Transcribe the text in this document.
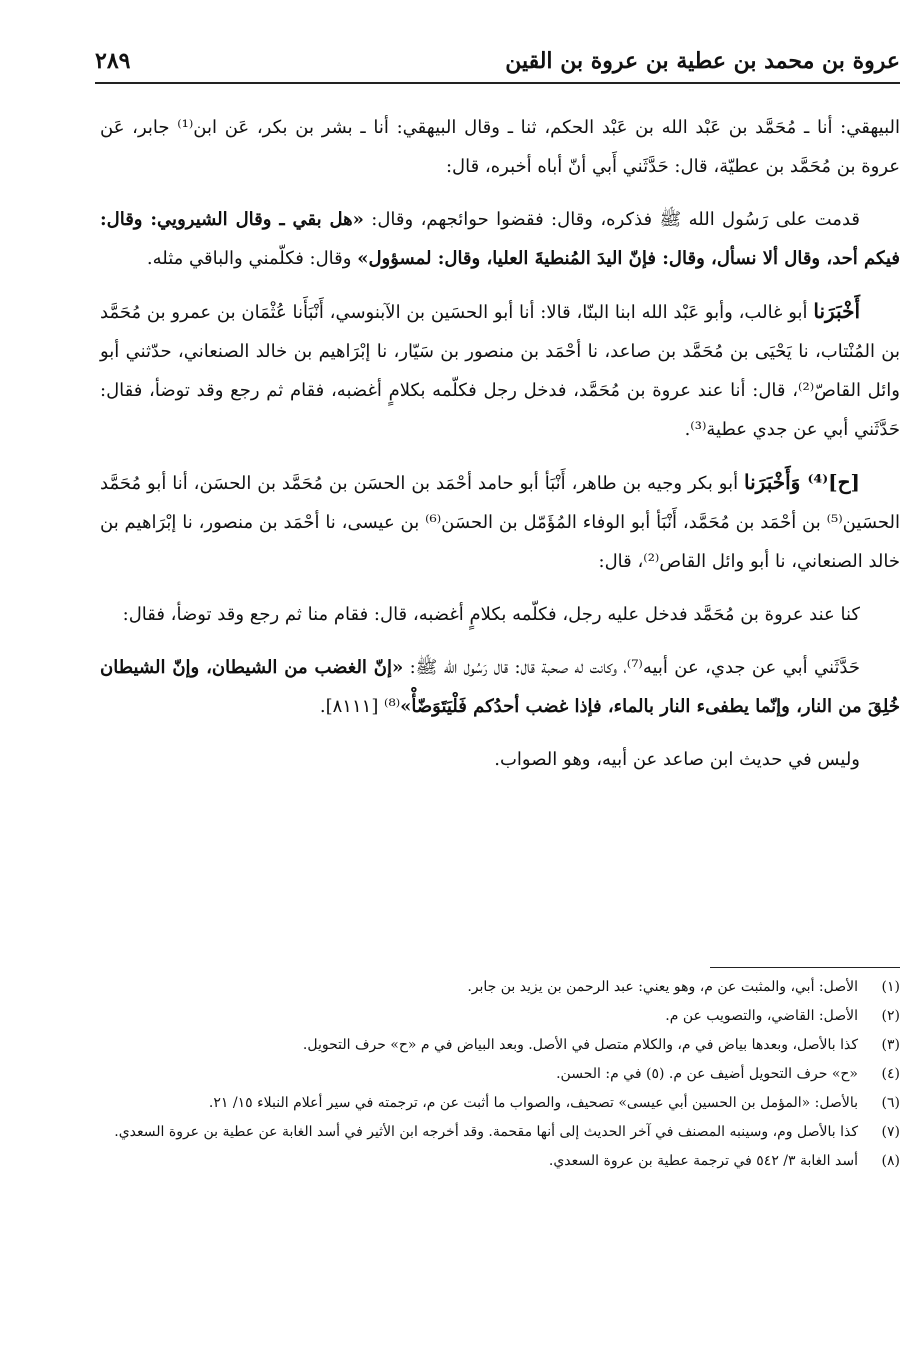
عروة بن محمد بن عطية بن عروة بن القين
٢٨٩

البيهقي: أنا ـ مُحَمَّد بن عَبْد الله بن عَبْد الحكم، ثنا ـ وقال البيهقي: أنا ـ بشر بن بكر، عَن ابن⁽¹⁾ جابر، عَن عروة بن مُحَمَّد بن عطيّة، قال: حَدَّثَني أَبي أنّ أباه أخبره، قال:

قدمت على رَسُول الله ﷺ فذكره، وقال: فقضوا حوائجهم، وقال: «هل بقي ـ وقال الشيرويي: وقال: فيكم أحد، وقال ألا نسأل، وقال: فإنّ اليدَ المُنطيةَ العليا، وقال: لمسؤول» وقال: فكلّمني والباقي مثله.

أَخْبَرَنا أبو غالب، وأبو عَبْد الله ابنا البنّا، قالا: أنا أبو الحسَين بن الآبنوسي، أَنْبَأَنا عُثْمَان بن عمرو بن مُحَمَّد بن المُنْتاب، نا يَحْيَى بن مُحَمَّد بن صاعد، نا أحْمَد بن منصور بن سَيّار، نا إبْرَاهيم بن خالد الصنعاني، حدّثني أبو وائل القاصّ⁽²⁾، قال: أنا عند عروة بن مُحَمَّد، فدخل رجل فكلّمه بكلامٍ أغضبه، فقام ثم رجع وقد توضأ، فقال: حَدَّثَني أبي عن جدي عطية⁽³⁾.

[ح]⁽⁴⁾ وَأَخْبَرَنا أبو بكر وجيه بن طاهر، أَنْبَأ أبو حامد أحْمَد بن الحسَن بن مُحَمَّد بن الحسَن، أنا أبو مُحَمَّد الحسَين⁽⁵⁾ بن أحْمَد بن مُحَمَّد، أَنْبَأ أبو الوفاء المُؤَمّل بن الحسَن⁽⁶⁾ بن عيسى، نا أحْمَد بن منصور، نا إبْرَاهيم بن خالد الصنعاني، نا أبو وائل القاص⁽²⁾، قال:

كنا عند عروة بن مُحَمَّد فدخل عليه رجل، فكلّمه بكلامٍ أغضبه، قال: فقام منا ثم رجع وقد توضأ، فقال:

حَدَّثَني أبي عن جدي، عن أبيه⁽⁷⁾، وكانت له صحبة قال: قال رَسُول الله ﷺ: «إنّ الغضب من الشيطان، وإنّ الشيطان خُلِقَ من النار، وإنّما يطفىء النار بالماء، فإذا غضب أحدُكم فَلْيَتَوَضّأْ»⁽⁸⁾ [٨١١١].

وليس في حديث ابن صاعد عن أبيه، وهو الصواب.

(١)
الأصل: أبي، والمثبت عن م، وهو يعني: عبد الرحمن بن يزيد بن جابر.
(٢)
الأصل: القاضي، والتصويب عن م.
(٣)
كذا بالأصل، وبعدها بياض في م، والكلام متصل في الأصل. وبعد البياض في م «ح» حرف التحويل.
(٤)
«ح» حرف التحويل أضيف عن م. (٥) في م: الحسن.
(٦)
بالأصل: «المؤمل بن الحسين أبي عيسى» تصحيف، والصواب ما أثبت عن م، ترجمته في سير أعلام النبلاء ١٥/ ٢١.
(٧)
كذا بالأصل وم، وسينبه المصنف في آخر الحديث إلى أنها مقحمة. وقد أخرجه ابن الأثير في أسد الغابة عن عطية بن عروة السعدي.
(٨)
أسد الغابة ٣/ ٥٤٢ في ترجمة عطية بن عروة السعدي.
